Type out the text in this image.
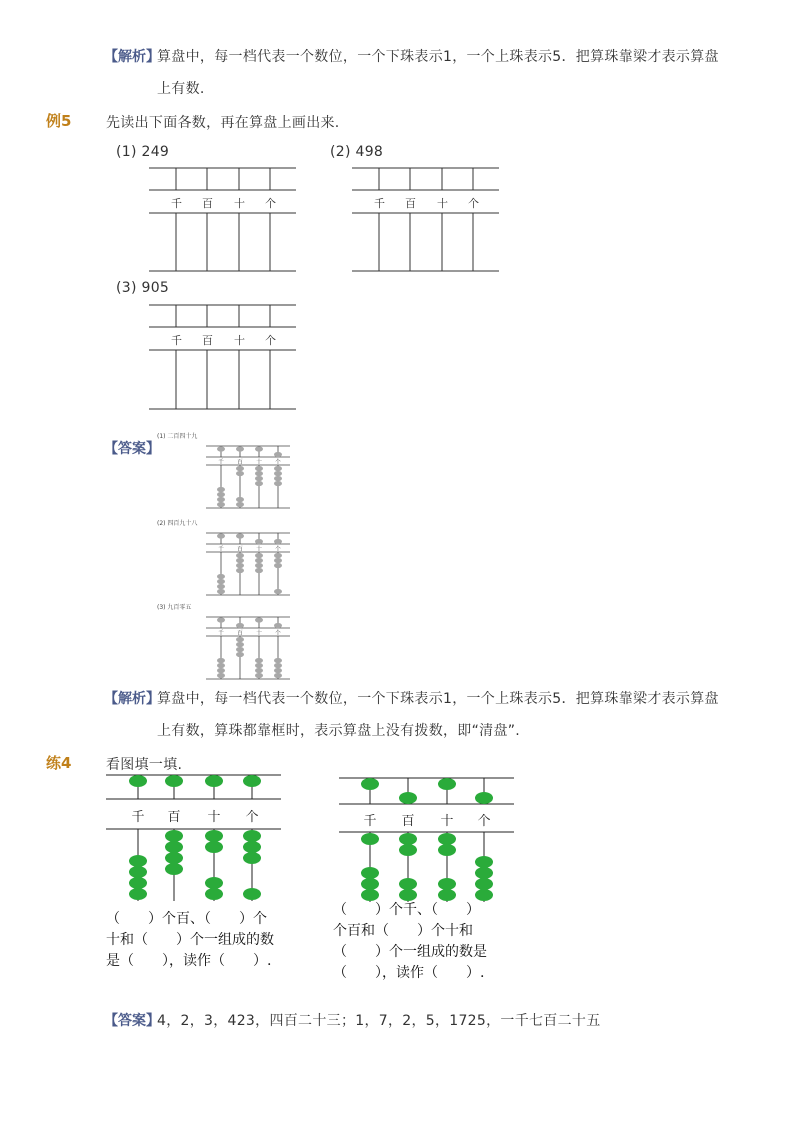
【解析】
算盘中，每一档代表一个数位，一个下珠表示1，一个上珠表示5．把算珠靠梁才表示算盘
上有数.
例5 先读出下面各数，再在算盘上画出来.
(1) 249	(2) 498
(3) 905
千 百 十 个	千 百 十 个
千 百 十 个
【答案】
(1) 二百四十九
(2) 四百九十八
(3) 九百零五
千 百 十 个
千 百 十 个
千 百 十 个
【解析】
算盘中，每一档代表一个数位，一个下珠表示1，一个上珠表示5．把算珠靠梁才表示算盘
上有数，算珠都靠框时，表示算盘上没有拨数，即“清盘”.
练4 看图填一填.
千 百 十 个	千 百 十 个
（　　）个百、（　　）个
十和（　　）个一组成的数
是（　　），读作（　　）.
（　　）个千、（　　）
个百和（　　）个十和
（　　）个一组成的数是
（　　），读作（　　）.
【答案】
4，2，3，423，四百二十三；1，7，2，5，1725，一千七百二十五
